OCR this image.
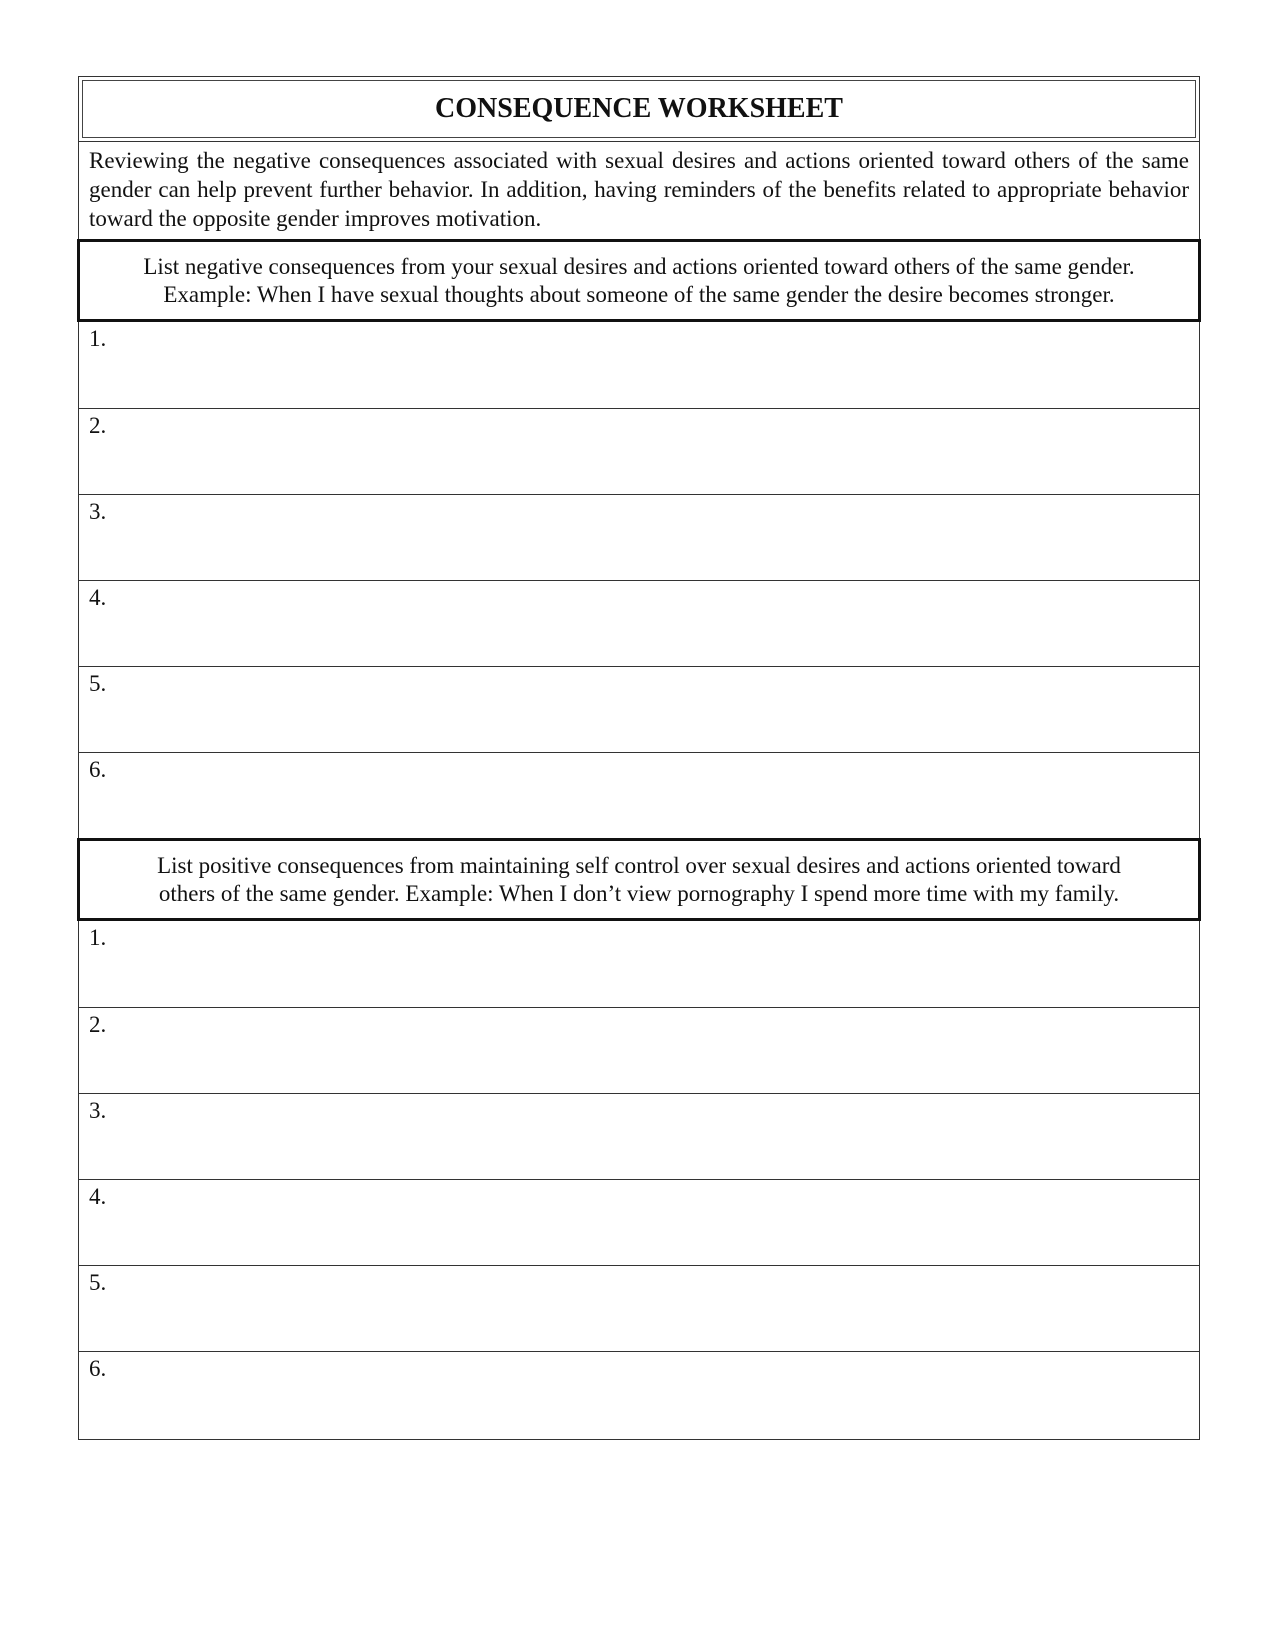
CONSEQUENCE WORKSHEET
Reviewing the negative consequences associated with sexual desires and actions oriented toward others of the same gender can help prevent further behavior. In addition, having reminders of the benefits related to appropriate behavior toward the opposite gender improves motivation.
List negative consequences from your sexual desires and actions oriented toward others of the same gender.
Example: When I have sexual thoughts about someone of the same gender the desire becomes stronger.
1.
2.
3.
4.
5.
6.
List positive consequences from maintaining self control over sexual desires and actions oriented toward
others of the same gender. Example: When I don’t view pornography I spend more time with my family.
1.
2.
3.
4.
5.
6.
